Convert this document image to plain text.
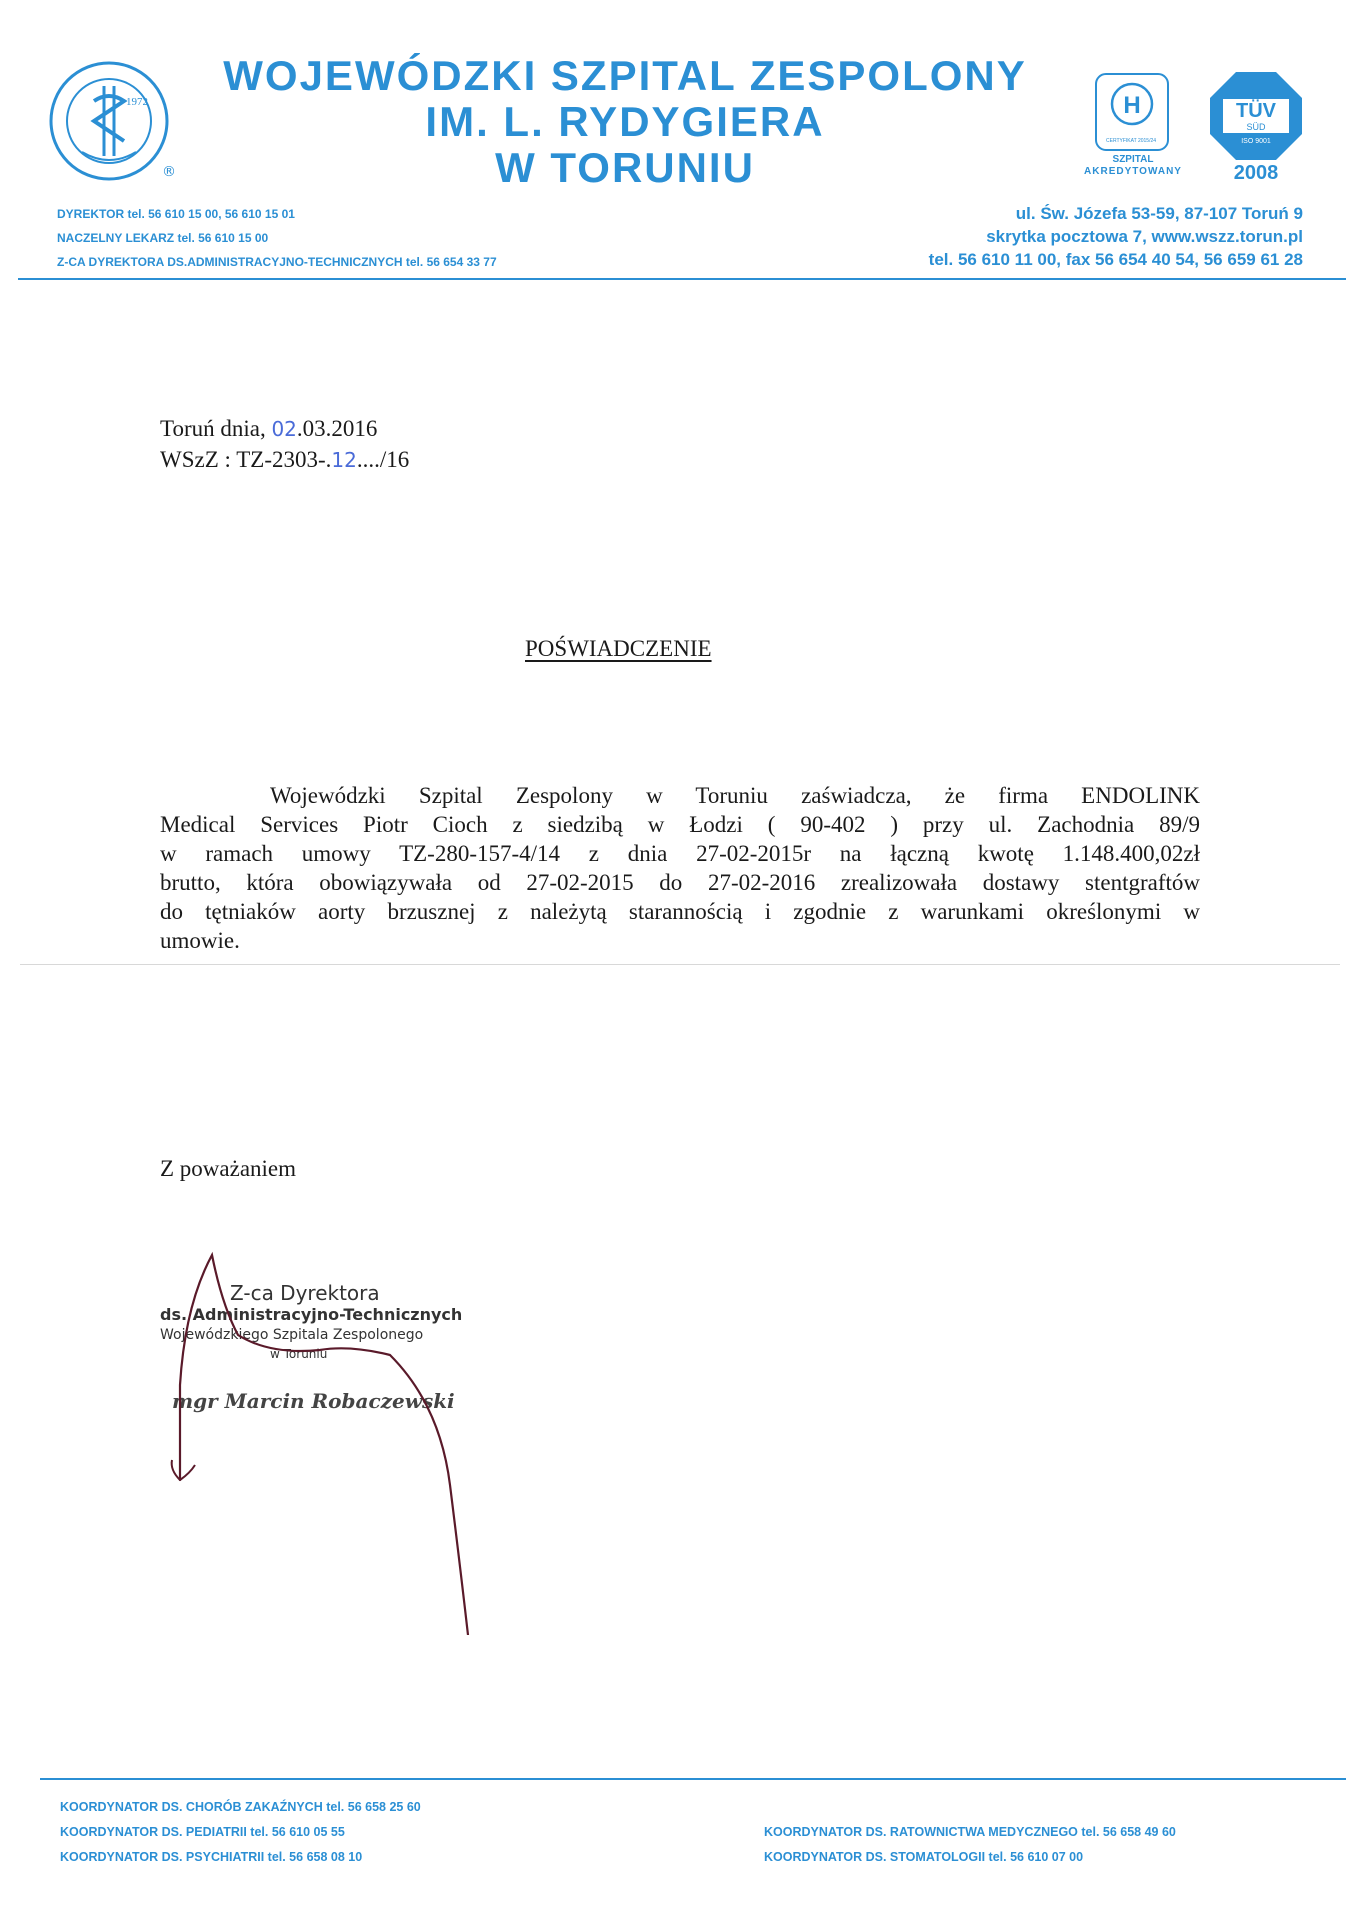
1972
®
WOJEWÓDZKI SZPITAL ZESPOLONY
IM. L. RYDYGIERA
W TORUNIU
H
CERTYFIKAT 2015/24
SZPITAL
AKREDYTOWANY
TÜV
SÜD
ISO 9001
2008
DYREKTOR tel. 56 610 15 00, 56 610 15 01
NACZELNY LEKARZ tel. 56 610 15 00
Z-CA DYREKTORA DS.ADMINISTRACYJNO-TECHNICZNYCH tel. 56 654 33 77
ul. Św. Józefa 53-59, 87-107 Toruń 9
skrytka pocztowa 7, www.wszz.torun.pl
tel. 56 610 11 00, fax 56 654 40 54, 56 659 61 28
Toruń dnia, 02.03.2016
WSzZ : TZ-2303-.12..../16
POŚWIADCZENIE
Wojewódzki Szpital Zespolony w Toruniu zaświadcza, że firma ENDOLINK
Medical Services Piotr Cioch z siedzibą w Łodzi ( 90-402 ) przy ul. Zachodnia 89/9
w ramach umowy TZ-280-157-4/14 z dnia 27-02-2015r na łączną kwotę 1.148.400,02zł
brutto, która obowiązywała od 27-02-2015 do 27-02-2016 zrealizowała dostawy stentgraftów
do tętniaków aorty brzusznej z należytą starannością i zgodnie z warunkami określonymi w
umowie.
Z poważaniem
Z-ca Dyrektora
ds. Administracyjno-Technicznych
Wojewódzkiego Szpitala Zespolonego
w Toruniu
mgr Marcin Robaczewski
KOORDYNATOR DS. CHORÓB ZAKAŹNYCH tel. 56 658 25 60
KOORDYNATOR DS. PEDIATRII tel. 56 610 05 55
KOORDYNATOR DS. PSYCHIATRII tel. 56 658 08 10
KOORDYNATOR DS. RATOWNICTWA MEDYCZNEGO tel. 56 658 49 60
KOORDYNATOR DS. STOMATOLOGII tel. 56 610 07 00
